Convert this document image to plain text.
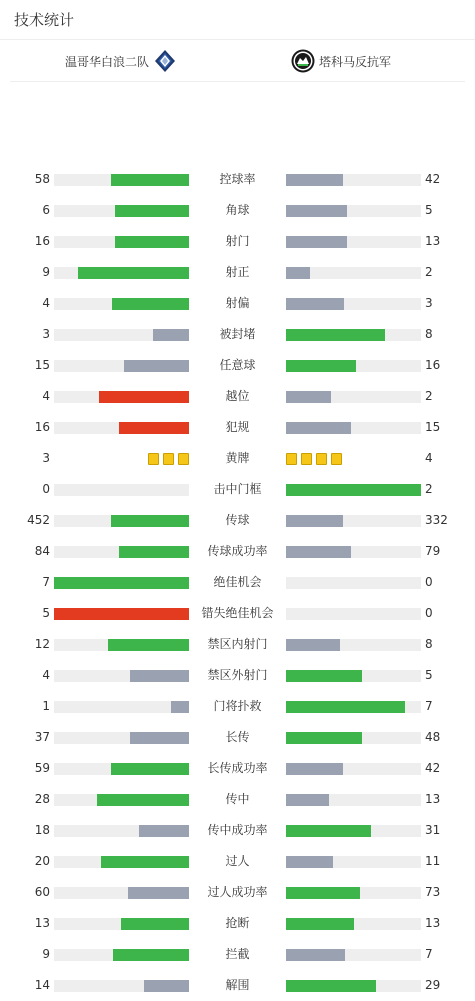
技术统计
温哥华白浪二队	塔科马反抗军
58	控球率	42
6	角球	5
16	射门	13
9	射正	2
4	射偏	3
3	被封堵	8
15	任意球	16
4	越位	2
16	犯规	15
3	黄牌	4
0	击中门框	2
452	传球	332
84	传球成功率	79
7	绝佳机会	0
5	错失绝佳机会	0
12	禁区内射门	8
4	禁区外射门	5
1	门将扑救	7
37	长传	48
59	长传成功率	42
28	传中	13
18	传中成功率	31
20	过人	11
60	过人成功率	73
13	抢断	13
9	拦截	7
14	解围	29
